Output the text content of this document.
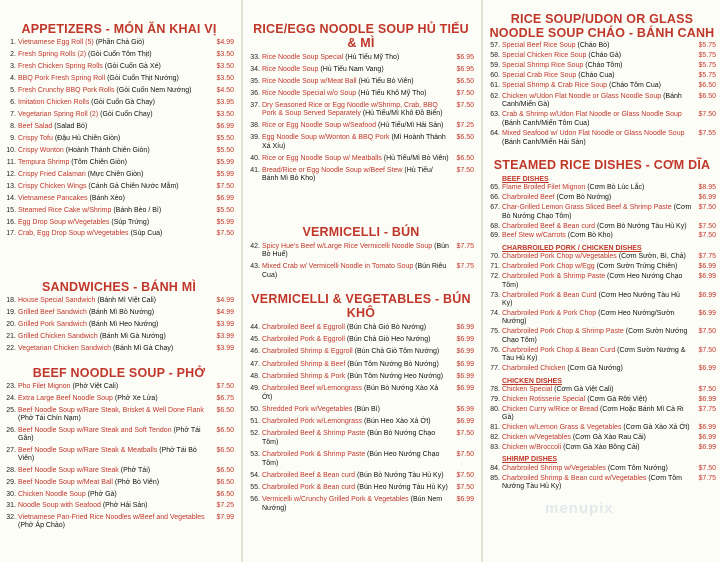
APPETIZERS - MÓN ĂN KHAI VỊ
1. Vietnamese Egg Roll (5) (Phần Chả Giò)	$4.99
2. Fresh Spring Rolls (2) (Gỏi Cuốn Tôm Thịt)	$3.50
3. Fresh Chicken Spring Rolls (Gỏi Cuốn Gà Xé)	$3.50
4. BBQ Pork Fresh Spring Roll (Gỏi Cuốn Thịt Nướng)	$3.50
5. Fresh Crunchy BBQ Pork Rolls (Gỏi Cuốn Nem Nướng)	$4.50
6. Imitation Chicken Rolls (Gỏi Cuốn Gà Chay)	$3.95
7. Vegetarian Spring Roll (2) (Gỏi Cuốn Chay)	$3.50
8. Beef Salad (Salad Bò)	$6.99
9. Crispy Tofu (Đậu Hủ Chiên Giòn)	$5.50
10. Crispy Wonton (Hoành Thánh Chiên Giòn)	$5.50
11. Tempura Shrimp (Tôm Chiên Giòn)	$5.99
12. Crispy Fried Calamari (Mực Chiên Giòn)	$5.99
13. Crispy Chicken Wings (Cánh Gà Chiên Nước Mắm)	$7.50
14. Vietnamese Pancakes (Bánh Xèo)	$6.99
15. Steamed Rice Cake w/Shrimp (Bánh Bèo / Bì)	$5.50
16. Egg Drop Soup w/Vegetables (Súp Trứng)	$5.99
17. Crab, Egg Drop Soup w/Vegetables (Súp Cua)	$7.50
SANDWICHES - BÁNH MÌ
18. House Special Sandwich (Bánh Mì Việt Cali)	$4.99
19. Grilled Beef Sandwich (Bánh Mì Bò Nướng)	$4.99
20. Grilled Pork Sandwich (Bánh Mì Heo Nướng)	$3.99
21. Grilled Chicken Sandwich (Bánh Mì Gà Nướng)	$3.99
22. Vegetarian Chicken Sandwich (Bánh Mì Gà Chay)	$3.99
BEEF NOODLE SOUP - PHỞ
23. Pho Filet Mignon (Phở Việt Cali)	$7.50
24. Extra Large Beef Noodle Soup (Phở Xe Lửa)	$6.75
25. Beef Noodle Soup w/Rare Steak, Brisket & Well Done Flank (Phở Tái Chín Nạm)
$6.50
26. Beef Noodle Soup w/Rare Steak and Soft Tendon (Phở Tái Gân)
$6.50
27. Beef Noodle Soup w/Rare Steak & Meatballs (Phở Tái Bò Viên)
$6.50
28. Beef Noodle Soup w/Rare Steak (Phở Tái)	$6.50
29. Beef Noodle Soup w/Meat Ball (Phở Bò Viên)	$6.50
30. Chicken Noodle Soup (Phở Gà)	$6.50
31. Noodle Soup with Seafood (Phở Hải Sản)	$7.25
32. Vietnamese Pan-Fried Rice Noodles w/Beef and Vegetables (Phở Áp Chảo)
$7.99
RICE/EGG NOODLE SOUP HỦ TIẾU & MÌ
33. Rice Noodle Soup Special (Hủ Tiếu Mỹ Tho)	$6.95
34. Rice Noodle Soup (Hủ Tiếu Nam Vang)	$6.95
35. Rice Noodle Soup w/Meat Ball (Hủ Tiếu Bò Viên)	$6.50
36. Rice Noodle Special w/o Soup (Hủ Tiếu Khô Mỹ Tho)	$7.50
37. Dry Seasoned Rice or Egg Noodle w/Shrimp, Crab, BBQ Pork & Soup Served Separately (Hủ Tiếu/Mì Khô Đồ Biển)
$7.50
38. Rice or Egg Noodle Soup w/Seafood (Hủ Tiếu/Mì Hải Sản)	$7.25
39. Egg Noodle Soup w/Wonton & BBQ Pork (Mì Hoành Thánh Xá Xíu)
$6.50
40. Rice or Egg Noodle Soup w/ Meatballs (Hủ Tiếu/Mì Bò Viên)	$6.50
41. Bread/Rice or Egg Noodle Soup w/Beef Stew (Hủ Tiếu/ Bánh Mì Bò Kho)
$7.50
VERMICELLI - BÚN
42. Spicy Hue's Beef w/Large Rice Vermicelli Noodle Soup (Bún Bò Huế)
$7.75
43. Mixed Crab w/ Vermicelli Noodle in Tomato Soup (Bún Riêu Cua)
$7.75
VERMICELLI & VEGETABLES - BÚN KHÔ
44. Charbroiled Beef & Eggroll (Bún Chả Giò Bò Nướng)	$6.99
45. Charbroiled Pork & Eggroll (Bún Chả Giò Heo Nướng)	$6.99
46. Charbroiled Shrimp & Eggroll (Bún Chả Giò Tôm Nướng)	$6.99
47. Charbroiled Shrimp & Beef (Bún Tôm Nướng Bò Nướng)	$6.99
48. Charbroiled Shrimp & Pork (Bún Tôm Nướng Heo Nướng)	$6.99
49. Charbroiled Beef w/Lemongrass (Bún Bò Nướng Xào Xả Ớt)
$6.99
50. Shredded Pork w/Vegetables (Bún Bì)	$6.99
51. Charbroiled Pork w/Lemongrass (Bún Heo Xào Xả Ớt)	$6.99
52. Charbroiled Beef & Shrimp Paste (Bún Bò Nướng Chạo Tôm)
$7.50
53. Charbroiled Pork & Shrimp Paste (Bún Heo Nướng Chạo Tôm)
$7.50
54. Charbroiled Beef & Bean curd (Bún Bò Nướng Tàu Hủ Ky)	$7.50
55. Charbroiled Pork & Bean curd (Bún Heo Nướng Tàu Hủ Ky)	$7.50
56. Vermicelli w/Crunchy Grilled Pork & Vegetables (Bún Nem Nướng)
$6.99
RICE SOUP/UDON OR GLASS NOODLE SOUP CHÁO - BÁNH CANH
57. Special Beef Rice Soup (Cháo Bò)	$5.75
58. Special Chicken Rice Soup (Cháo Gà)	$5.75
59. Special Shrimp Rice Soup (Cháo Tôm)	$5.75
60. Special Crab Rice Soup (Cháo Cua)	$5.75
61. Special Shrimp & Crab Rice Soup (Cháo Tôm Cua)	$6.50
62. Chicken w/Udon Flat Noodle or Glass Noodle Soup (Bánh Canh/Miến Gà)
$6.50
63. Crab & Shrimp w/Udon Flat Noodle or Glass Noodle Soup (Bánh Canh/Miến Tôm Cua)
$7.50
64. Mixed Seafood w/ Udon Flat Noodle or Glass Noodle Soup (Bánh Canh/Miến Hải Sản)
$7.55
STEAMED RICE DISHES - CƠM DĨA
BEEF DISHES
65. Flame Broiled Filet Mignon (Cơm Bò Lúc Lắc)	$8.95
66. Charbroiled Beef (Cơm Bò Nướng)	$6.99
67. Char-Grilled Lemon Grass Sliced Beef & Shrimp Paste (Cơm Bò Nướng Chạo Tôm)
$7.50
68. Charbroiled Beef & Bean curd (Cơm Bò Nướng Tàu Hủ Ky)	$7.50
69. Beef Stew w/Carrots (Cơm Bò Kho)	$7.50
CHARBROILED PORK / CHICKEN DISHES
70. Charbroiled Pork Chop w/Vegetables (Cơm Sườn, Bì, Chả)	$7.75
71. Charbroiled Pork Chop w/Egg (Cơm Sườn Trứng Chiên)	$6.99
72. Charbroiled Pork & Shrimp Paste (Cơm Heo Nướng Chạo Tôm)
$6.99
73. Charbroiled Pork & Bean Curd (Cơm Heo Nướng Tàu Hủ Ky)
$6.99
74. Charbroiled Pork & Pork Chop (Cơm Heo Nướng/Sườn Nướng)
$6.99
75. Charbroiled Pork Chop & Shrimp Paste (Cơm Sườn Nướng Chạo Tôm)
$7.50
76. Charbroiled Pork Chop & Bean Curd (Cơm Sườn Nướng & Tàu Hủ Ky)
$7.50
77. Charbroiled Chicken (Cơm Gà Nướng)	$6.99
CHICKEN DISHES
78. Chicken Special (Cơm Gà Việt Cali)	$7.50
79. Chicken Rotisserie Special (Cơm Gà Rôti Việt)	$6.99
80. Chicken Curry w/Rice or Bread (Cơm Hoặc Bánh Mì Cà Ri Gà)
$7.75
81. Chicken w/Lemon Grass & Vegetables (Cơm Gà Xào Xả Ớt)	$6.99
82. Chicken w/Vegetables (Cơm Gà Xào Rau Cải)	$6.99
83. Chicken w/Broccoli (Cơm Gà Xào Bông Cải)	$6.99
SHIRMP DISHES
84. Charbroiled Shrimp w/Vegetables (Cơm Tôm Nướng)	$7.50
85. Charbroiled Shrimp & Bean curd w/Vegetables (Cơm Tôm Nướng Tàu Hủ Ky)
$7.75
menupix
